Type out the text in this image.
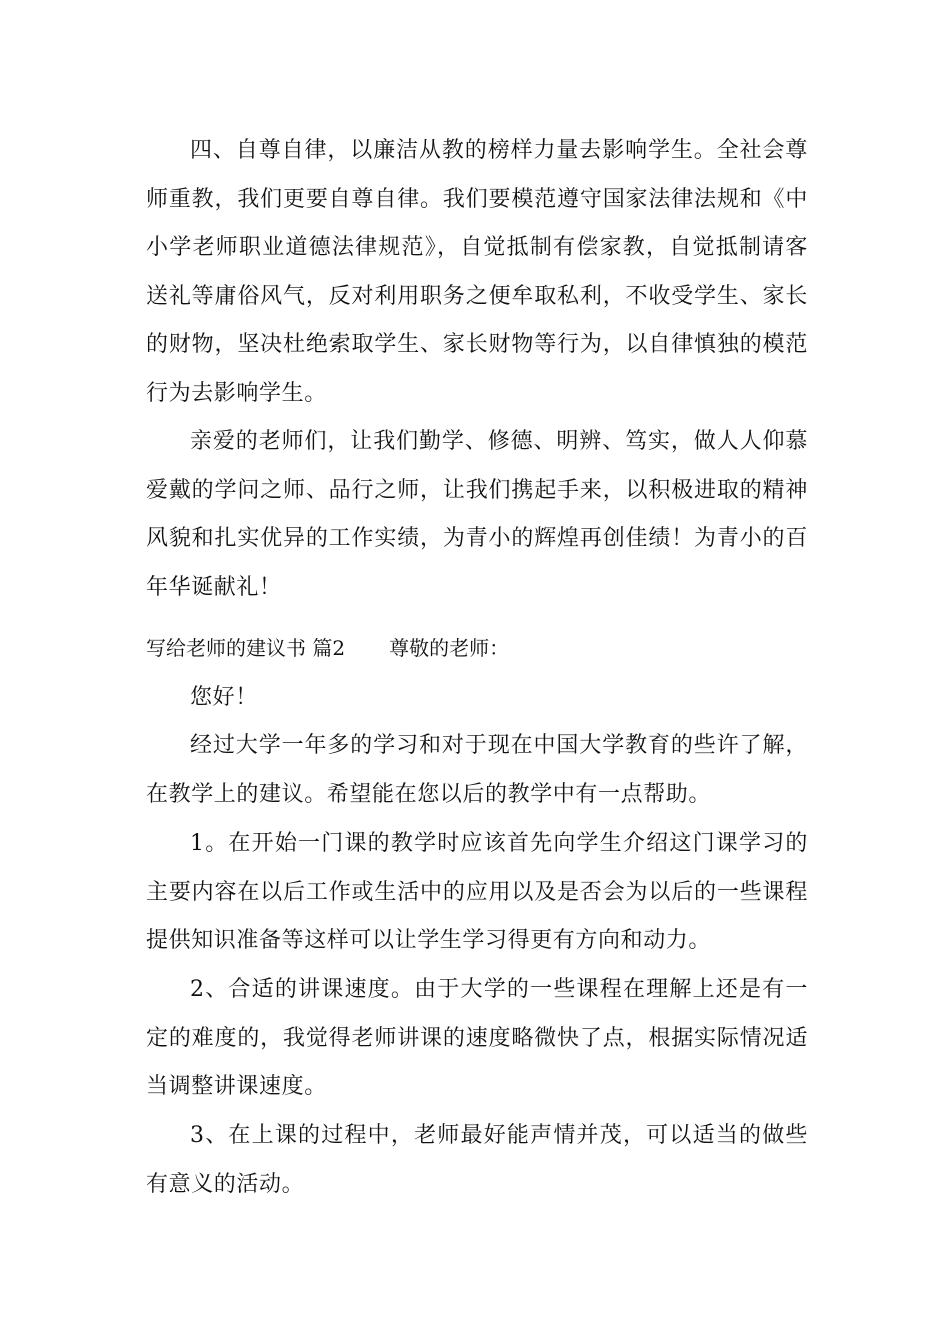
四、自尊自律，以廉洁从教的榜样力量去影响学生。全社会尊师重教，我们更要自尊自律。我们要模范遵守国家法律法规和《中小学老师职业道德法律规范》，自觉抵制有偿家教，自觉抵制请客送礼等庸俗风气，反对利用职务之便牟取私利，不收受学生、家长的财物，坚决杜绝索取学生、家长财物等行为，以自律慎独的模范行为去影响学生。

亲爱的老师们，让我们勤学、修德、明辨、笃实，做人人仰慕爱戴的学问之师、品行之师，让我们携起手来，以积极进取的精神风貌和扎实优异的工作实绩，为青小的辉煌再创佳绩！为青小的百年华诞献礼！

写给老师的建议书 篇2 尊敬的老师：

您好！

经过大学一年多的学习和对于现在中国大学教育的些许了解，在教学上的建议。希望能在您以后的教学中有一点帮助。

1。在开始一门课的教学时应该首先向学生介绍这门课学习的主要内容在以后工作或生活中的应用以及是否会为以后的一些课程提供知识准备等这样可以让学生学习得更有方向和动力。

2、合适的讲课速度。由于大学的一些课程在理解上还是有一定的难度的，我觉得老师讲课的速度略微快了点，根据实际情况适当调整讲课速度。

3、在上课的过程中，老师最好能声情并茂，可以适当的做些有意义的活动。
